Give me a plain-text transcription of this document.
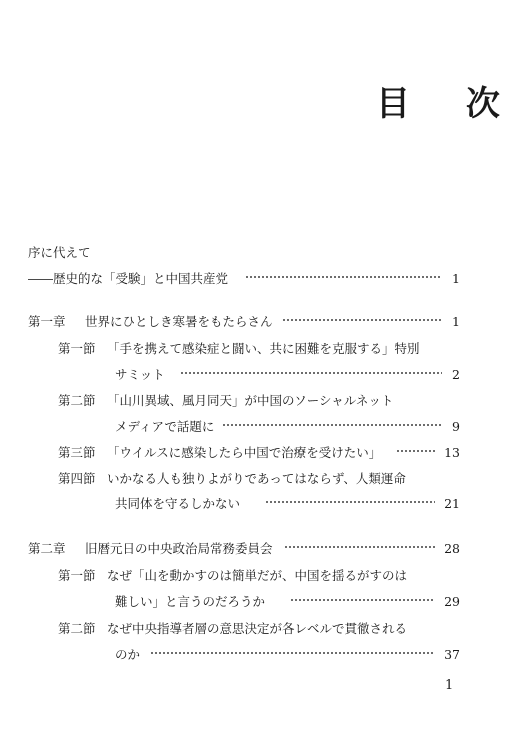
目 次
序に代えて
――歴史的な「受験」と中国共産党	1
第一章 世界にひとしき寒暑をもたらさん	1
第一節 「手を携えて感染症と闘い、共に困難を克服する」特別
サミット	2
第二節 「山川異域、風月同天」が中国のソーシャルネット
メディアで話題に	9
第三節 「ウイルスに感染したら中国で治療を受けたい」	13
第四節 いかなる人も独りよがりであってはならず、人類運命
共同体を守るしかない	21
第二章 旧暦元日の中央政治局常務委員会	28
第一節 なぜ「山を動かすのは簡単だが、中国を揺るがすのは
難しい」と言うのだろうか	29
第二節 なぜ中央指導者層の意思決定が各レベルで貫徹される
のか	37
1
